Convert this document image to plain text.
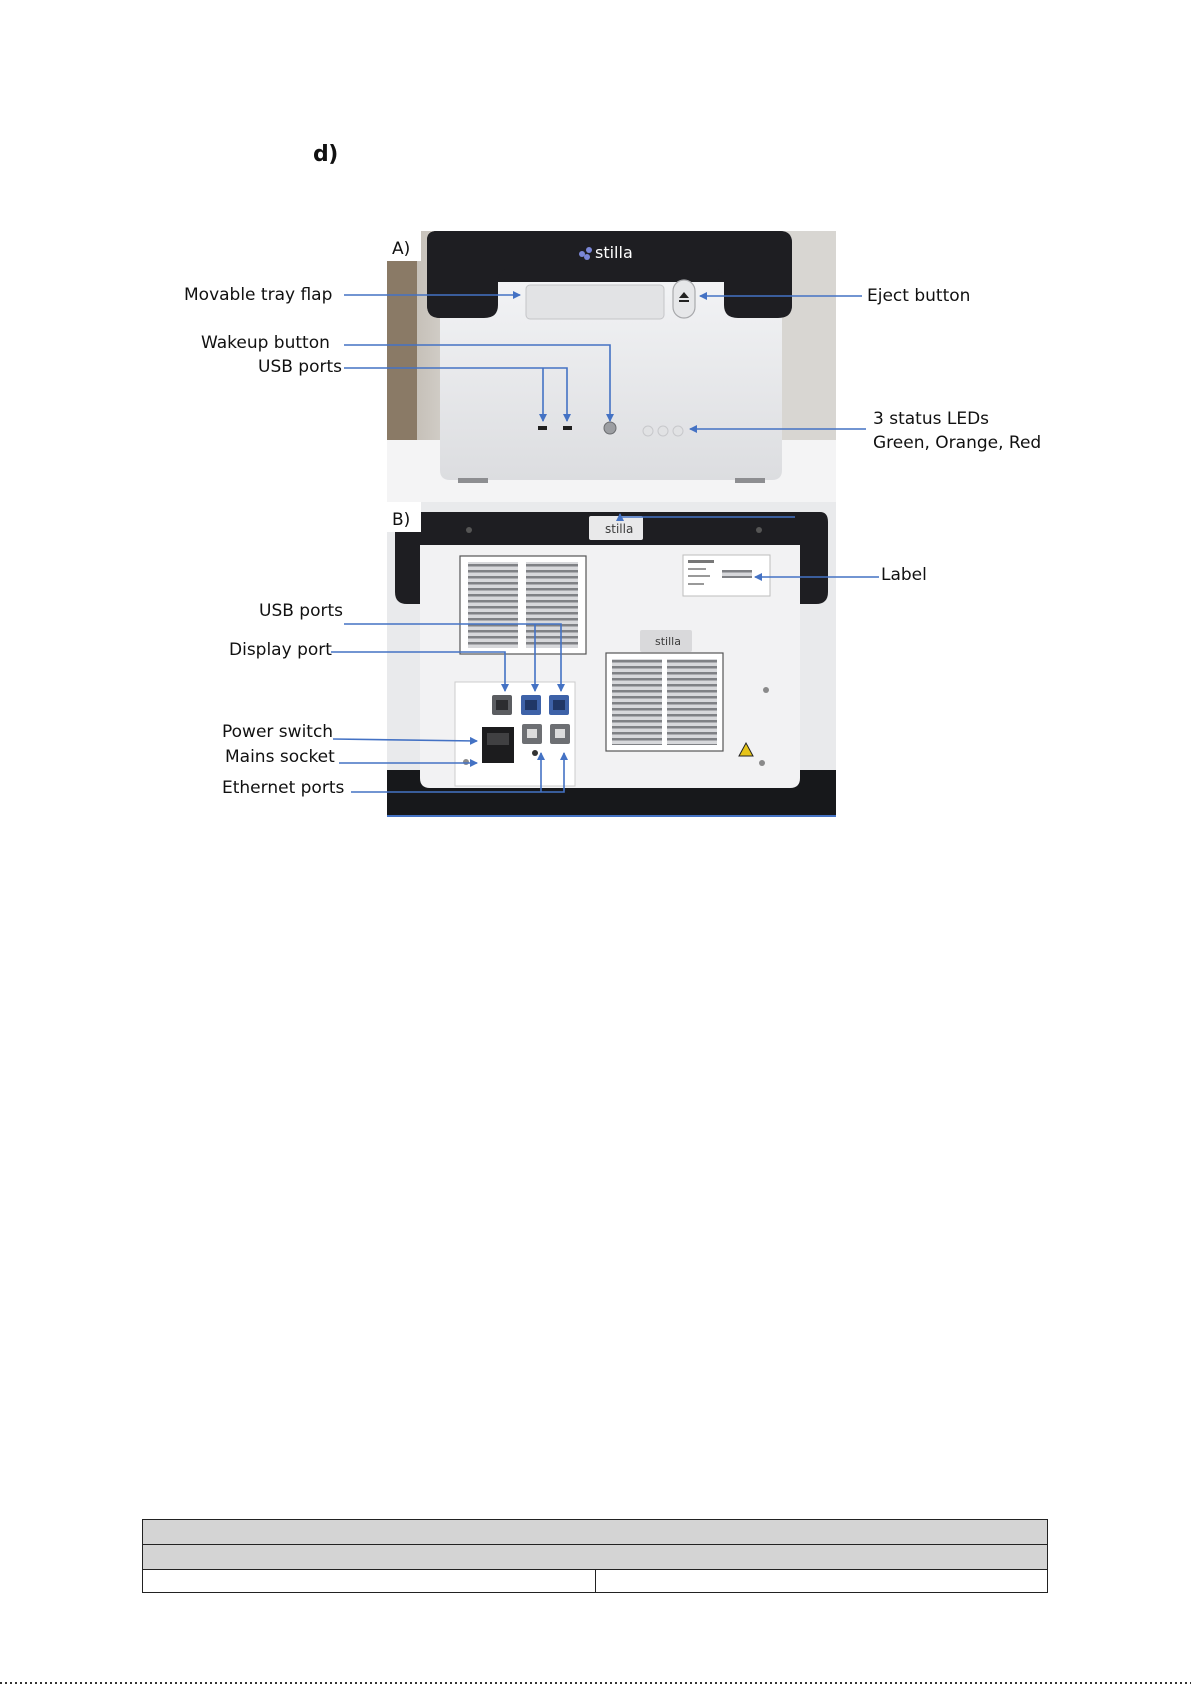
d)
stilla
A)
stilla
stilla
B)
Movable tray flap	Eject button
Wakeup button
USB ports
3 status LEDs
Green, Orange, Red
Label
USB ports
Display port
Power switch
Mains socket
Ethernet ports
